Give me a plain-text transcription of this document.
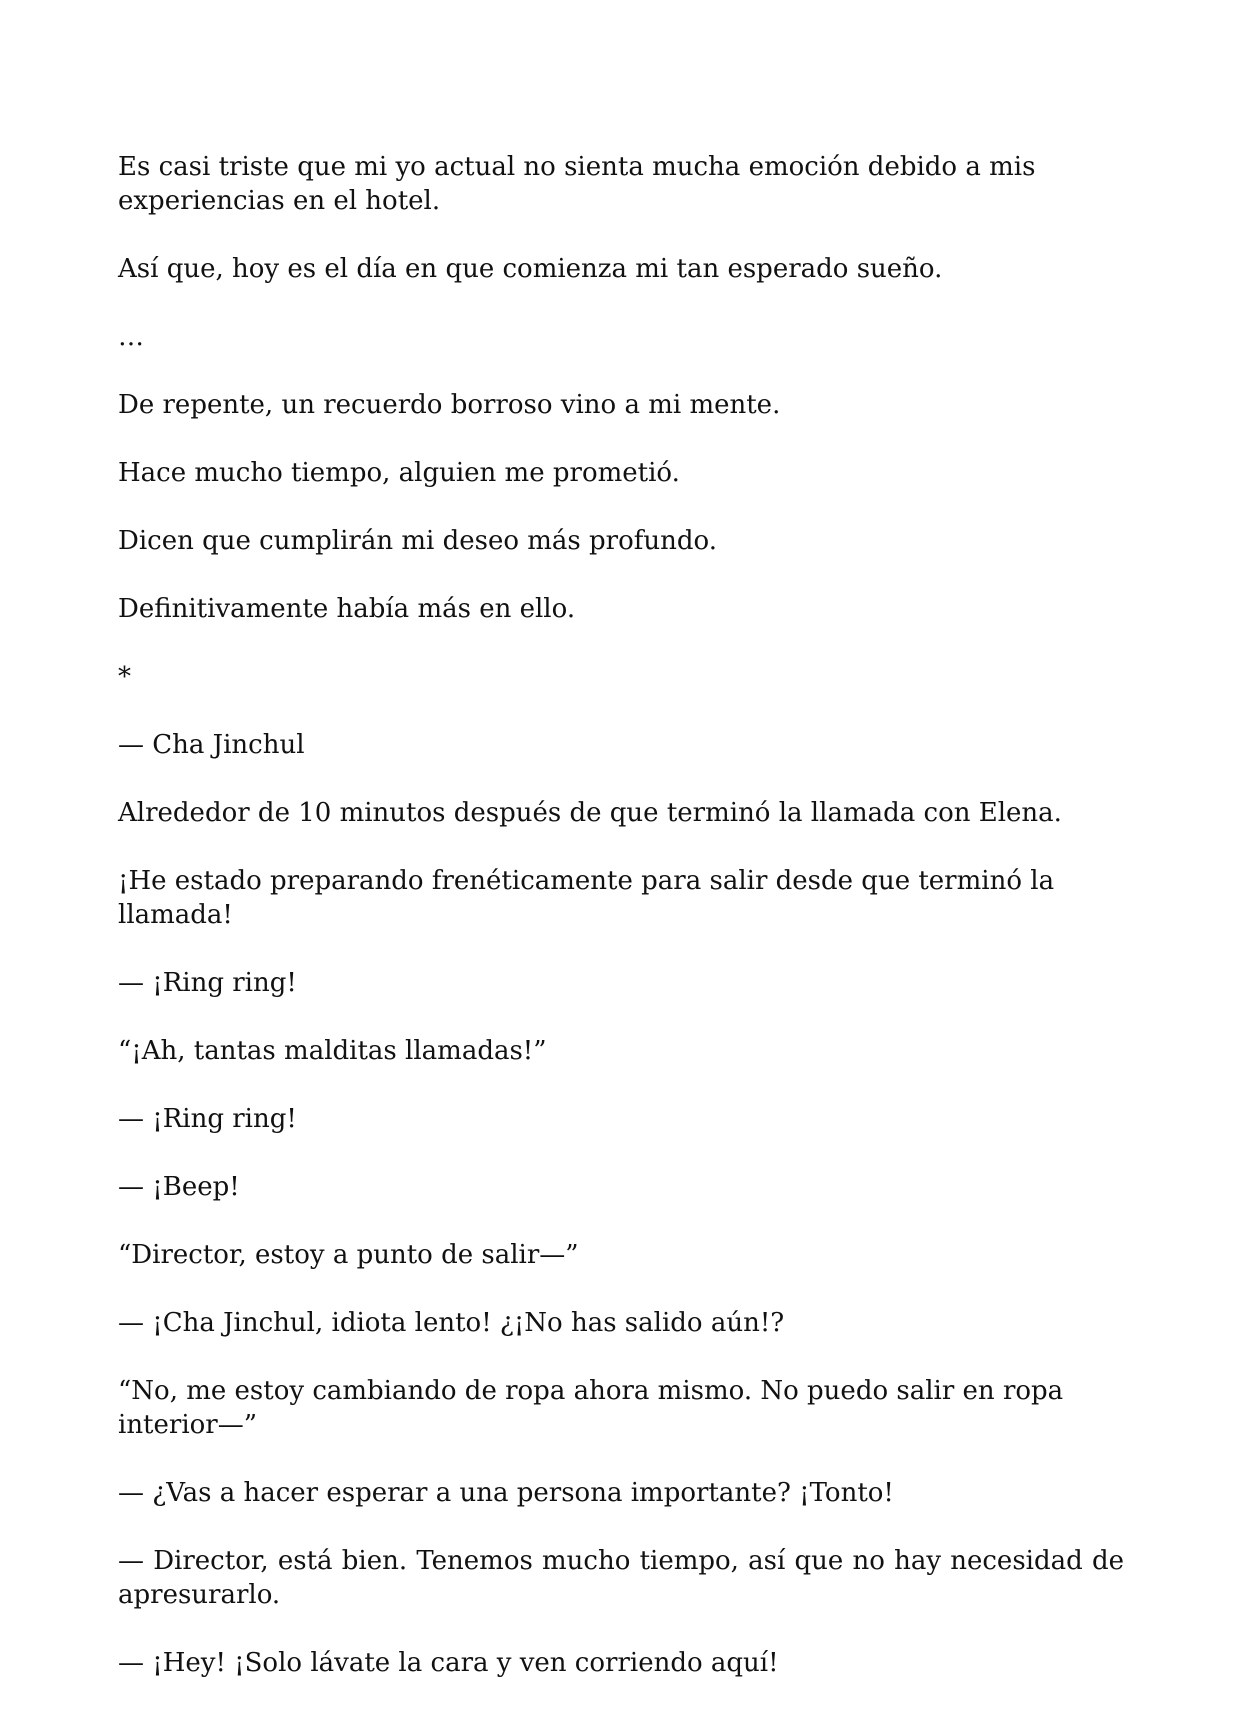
Es casi triste que mi yo actual no sienta mucha emoción debido a mis experiencias en el hotel.

Así que, hoy es el día en que comienza mi tan esperado sueño.

…

De repente, un recuerdo borroso vino a mi mente.

Hace mucho tiempo, alguien me prometió.

Dicen que cumplirán mi deseo más profundo.

Definitivamente había más en ello.

*

— Cha Jinchul

Alrededor de 10 minutos después de que terminó la llamada con Elena.

¡He estado preparando frenéticamente para salir desde que terminó la llamada!

— ¡Ring ring!

“¡Ah, tantas malditas llamadas!”

— ¡Ring ring!

— ¡Beep!

“Director, estoy a punto de salir—”

— ¡Cha Jinchul, idiota lento! ¿¡No has salido aún!?

“No, me estoy cambiando de ropa ahora mismo. No puedo salir en ropa interior—”

— ¿Vas a hacer esperar a una persona importante? ¡Tonto!

— Director, está bien. Tenemos mucho tiempo, así que no hay necesidad de apresurarlo.

— ¡Hey! ¡Solo lávate la cara y ven corriendo aquí!
